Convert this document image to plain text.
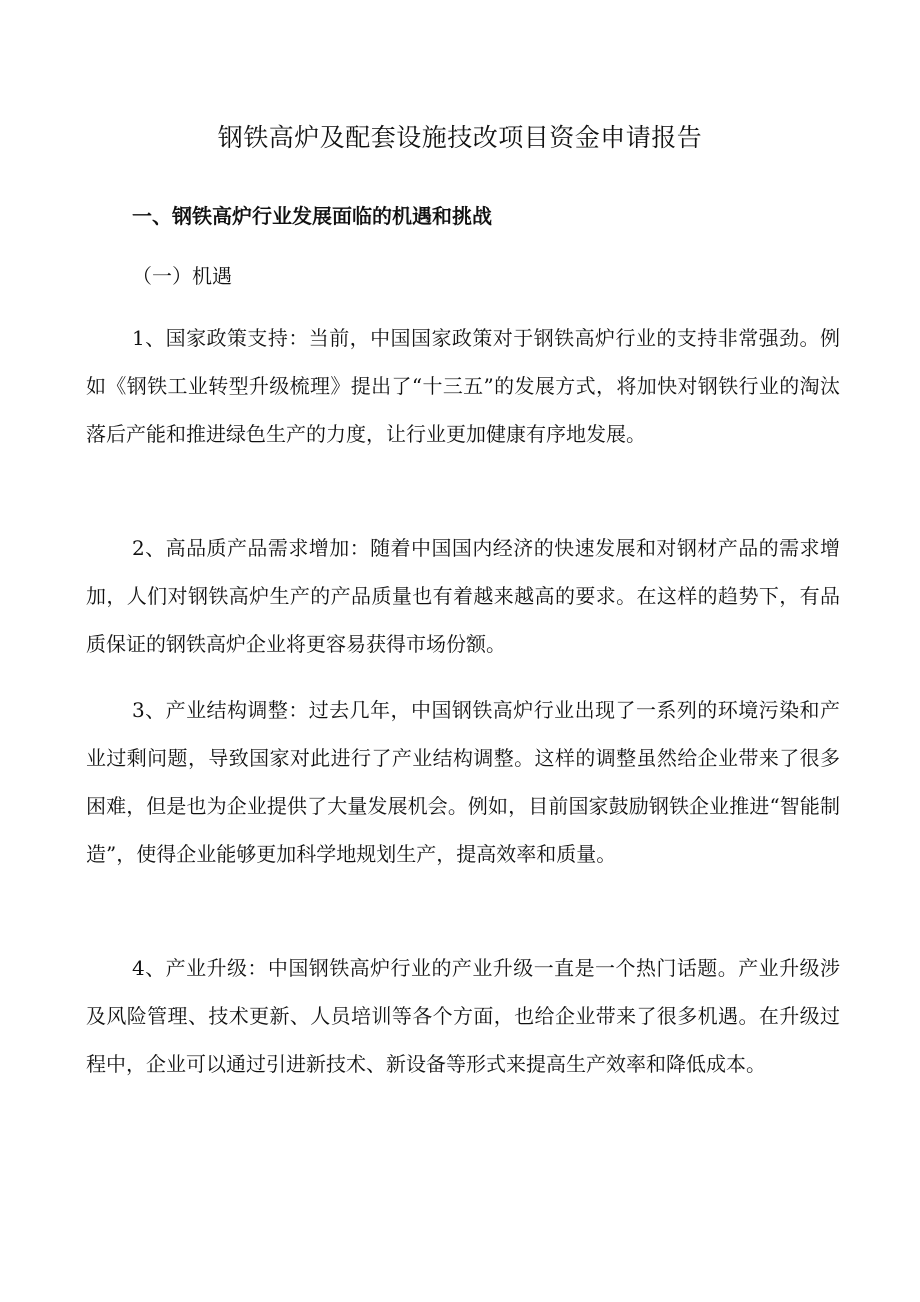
钢铁高炉及配套设施技改项目资金申请报告
一、钢铁高炉行业发展面临的机遇和挑战
（一）机遇

1、国家政策支持：当前，中国国家政策对于钢铁高炉行业的支持非常强劲。例如《钢铁工业转型升级梳理》提出了“十三五”的发展方式，将加快对钢铁行业的淘汰落后产能和推进绿色生产的力度，让行业更加健康有序地发展。

2、高品质产品需求增加：随着中国国内经济的快速发展和对钢材产品的需求增加，人们对钢铁高炉生产的产品质量也有着越来越高的要求。在这样的趋势下，有品质保证的钢铁高炉企业将更容易获得市场份额。

3、产业结构调整：过去几年，中国钢铁高炉行业出现了一系列的环境污染和产业过剩问题，导致国家对此进行了产业结构调整。这样的调整虽然给企业带来了很多困难，但是也为企业提供了大量发展机会。例如，目前国家鼓励钢铁企业推进“智能制造”，使得企业能够更加科学地规划生产，提高效率和质量。

4、产业升级：中国钢铁高炉行业的产业升级一直是一个热门话题。产业升级涉及风险管理、技术更新、人员培训等各个方面，也给企业带来了很多机遇。在升级过程中，企业可以通过引进新技术、新设备等形式来提高生产效率和降低成本。
